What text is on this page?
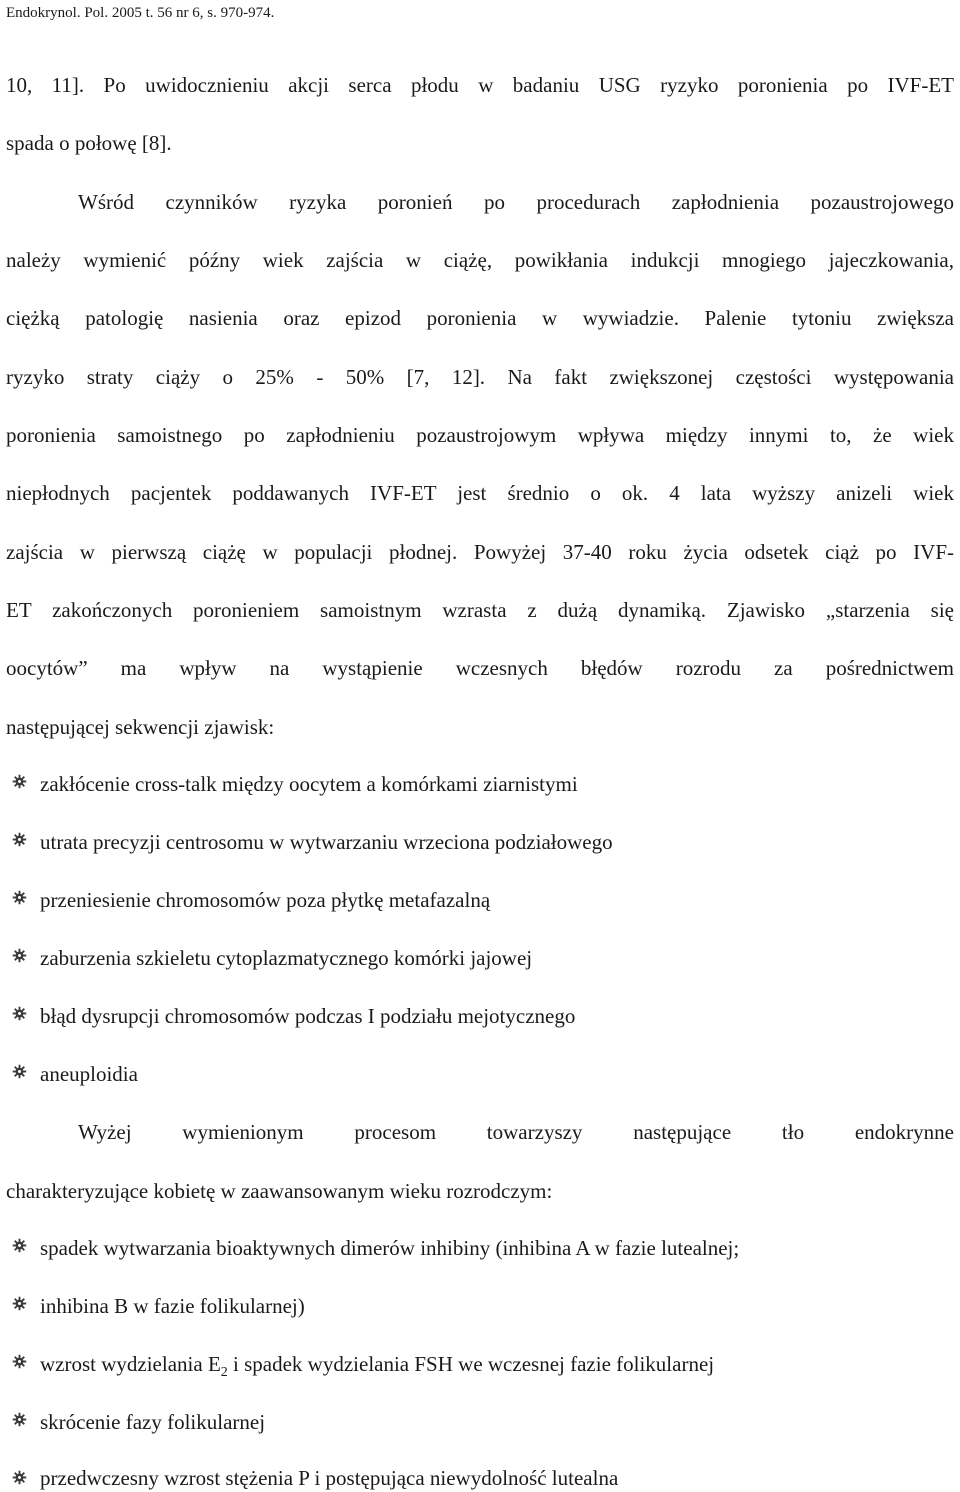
Endokrynol. Pol. 2005 t. 56 nr 6, s. 970-974.
10, 11]. Po uwidocznieniu akcji serca płodu w badaniu USG ryzyko poronienia po IVF-ET
spada o połowę [8].
Wśród czynników ryzyka poronień po procedurach zapłodnienia pozaustrojowego
należy wymienić późny wiek zajścia w ciążę, powikłania indukcji mnogiego jajeczkowania,
ciężką patologię nasienia oraz epizod poronienia w wywiadzie. Palenie tytoniu zwiększa
ryzyko straty ciąży o 25% - 50% [7, 12]. Na fakt zwiększonej częstości występowania
poronienia samoistnego po zapłodnieniu pozaustrojowym wpływa między innymi to, że wiek
niepłodnych pacjentek poddawanych IVF-ET jest średnio o ok. 4 lata wyższy anizeli wiek
zajścia w pierwszą ciążę w populacji płodnej. Powyżej 37-40 roku życia odsetek ciąż po IVF-
ET zakończonych poronieniem samoistnym wzrasta z dużą dynamiką. Zjawisko „starzenia się
oocytów” ma wpływ na wystąpienie wczesnych błędów rozrodu za pośrednictwem
następującej sekwencji zjawisk:
zakłócenie cross-talk między oocytem a komórkami ziarnistymi
utrata precyzji centrosomu w wytwarzaniu wrzeciona podziałowego
przeniesienie chromosomów poza płytkę metafazalną
zaburzenia szkieletu cytoplazmatycznego komórki jajowej
błąd dysrupcji chromosomów podczas I podziału mejotycznego
aneuploidia
Wyżej wymienionym procesom towarzyszy następujące tło endokrynne
charakteryzujące kobietę w zaawansowanym wieku rozrodczym:
spadek wytwarzania bioaktywnych dimerów inhibiny (inhibina A w fazie lutealnej;
inhibina B w fazie folikularnej)
wzrost wydzielania $E_2$ i spadek wydzielania FSH we wczesnej fazie folikularnej
skrócenie fazy folikularnej
przedwczesny wzrost stężenia P i postępująca niewydolność lutealna
